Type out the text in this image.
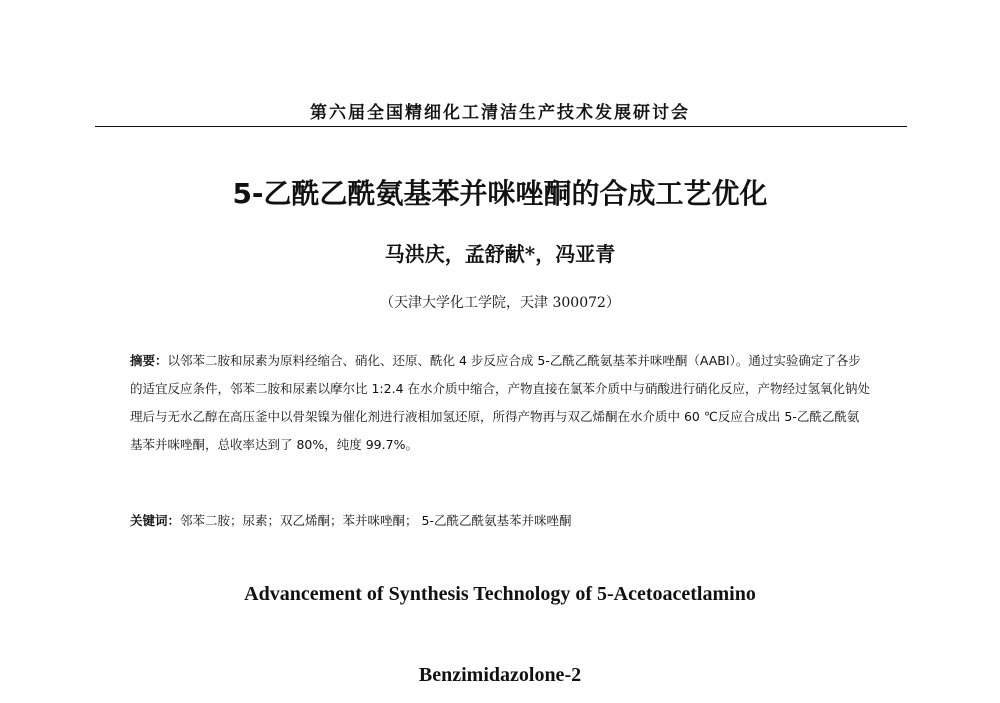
第六届全国精细化工清洁生产技术发展研讨会
5-乙酰乙酰氨基苯并咪唑酮的合成工艺优化
马洪庆，孟舒献*，冯亚青
（天津大学化工学院，天津 300072）
摘要：以邻苯二胺和尿素为原料经缩合、硝化、还原、酰化 4 步反应合成 5-乙酰乙酰氨基苯并咪唑酮（AABI）。通过实验确定了各步的适宜反应条件，邻苯二胺和尿素以摩尔比 1:2.4 在水介质中缩合，产物直接在氯苯介质中与硝酸进行硝化反应，产物经过氢氧化钠处理后与无水乙醇在高压釜中以骨架镍为催化剂进行液相加氢还原，所得产物再与双乙烯酮在水介质中 60 ℃反应合成出 5-乙酰乙酰氨基苯并咪唑酮，总收率达到了 80%，纯度 99.7%。
关键词：邻苯二胺；尿素；双乙烯酮；苯并咪唑酮； 5-乙酰乙酰氨基苯并咪唑酮
Advancement of Synthesis Technology of 5-Acetoacetlamino
Benzimidazolone-2
